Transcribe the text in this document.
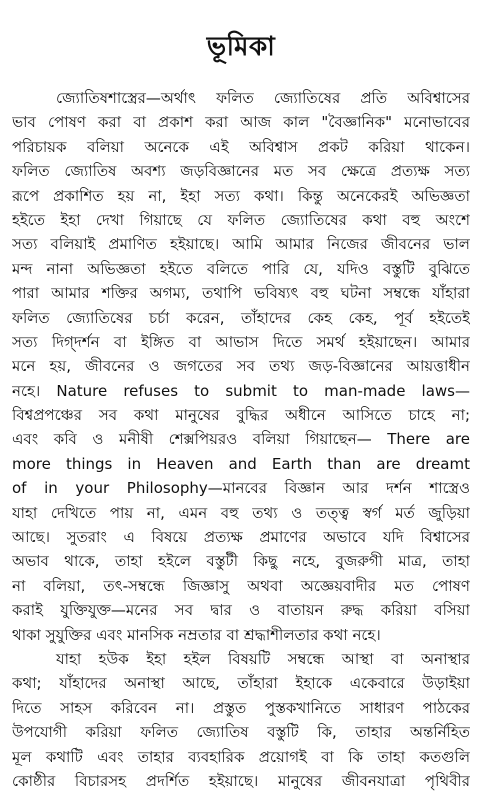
ভূমিকা
জ্যোতিষশাস্ত্রের—অর্থাৎ ফলিত জ্যোতিষের প্রতি অবিশ্বাসের
ভাব পোষণ করা বা প্রকাশ করা আজ কাল "বৈজ্ঞানিক" মনোভাবের
পরিচায়ক বলিয়া অনেকে এই অবিশ্বাস প্রকট করিয়া থাকেন।
ফলিত জ্যোতিষ অবশ্য জড়বিজ্ঞানের মত সব ক্ষেত্রে প্রত্যক্ষ সত্য
রূপে প্রকাশিত হয় না, ইহা সত্য কথা। কিন্তু অনেকেরই অভিজ্ঞতা
হইতে ইহা দেখা গিয়াছে যে ফলিত জ্যোতিষের কথা বহু অংশে
সত্য বলিয়াই প্রমাণিত হইয়াছে। আমি আমার নিজের জীবনের ভাল
মন্দ নানা অভিজ্ঞতা হইতে বলিতে পারি যে, যদিও বস্তুটি বুঝিতে
পারা আমার শক্তির অগম্য, তথাপি ভবিষ্যৎ বহু ঘটনা সম্বন্ধে যাঁহারা
ফলিত জ্যোতিষের চর্চা করেন, তাঁহাদের কেহ কেহ, পূর্ব হইতেই
সত্য দিগ্‌দর্শন বা ইঙ্গিত বা আভাস দিতে সমর্থ হইয়াছেন। আমার
মনে হয়, জীবনের ও জগতের সব তথ্য জড়-বিজ্ঞানের আয়ত্তাধীন
নহে। Nature refuses to submit to man-made laws—
বিশ্বপ্রপঞ্চের সব কথা মানুষের বুদ্ধির অধীনে আসিতে চাহে না;
এবং কবি ও মনীষী শেক্সপিয়রও বলিয়া গিয়াছেন— There are
more things in Heaven and Earth than are dreamt
of in your Philosophy—মানবের বিজ্ঞান আর দর্শন শাস্ত্রেও
যাহা দেখিতে পায় না, এমন বহু তথ্য ও তত্ত্ব স্বর্গ মর্ত জুড়িয়া
আছে। সুতরাং এ বিষয়ে প্রত্যক্ষ প্রমাণের অভাবে যদি বিশ্বাসের
অভাব থাকে, তাহা হইলে বস্তুটী কিছু নহে, বুজরুগী মাত্র, তাহা
না বলিয়া, তৎ-সম্বন্ধে জিজ্ঞাসু অথবা অজ্ঞেয়বাদীর মত পোষণ
করাই যুক্তিযুক্ত—মনের সব দ্বার ও বাতায়ন রুদ্ধ করিয়া বসিয়া
থাকা সুযুক্তির এবং মানসিক নম্রতার বা শ্রদ্ধাশীলতার কথা নহে।
যাহা হউক ইহা হইল বিষয়টি সম্বন্ধে আস্থা বা অনাস্থার
কথা; যাঁহাদের অনাস্থা আছে, তাঁহারা ইহাকে একেবারে উড়াইয়া
দিতে সাহস করিবেন না। প্রস্তুত পুস্তকখানিতে সাধারণ পাঠকের
উপযোগী করিয়া ফলিত জ্যোতিষ বস্তুটি কি, তাহার অন্তর্নিহিত
মূল কথাটি এবং তাহার ব্যবহারিক প্রয়োগই বা কি তাহা কতগুলি
কোষ্ঠীর বিচারসহ প্রদর্শিত হইয়াছে। মানুষের জীবনযাত্রা পৃথিবীর
